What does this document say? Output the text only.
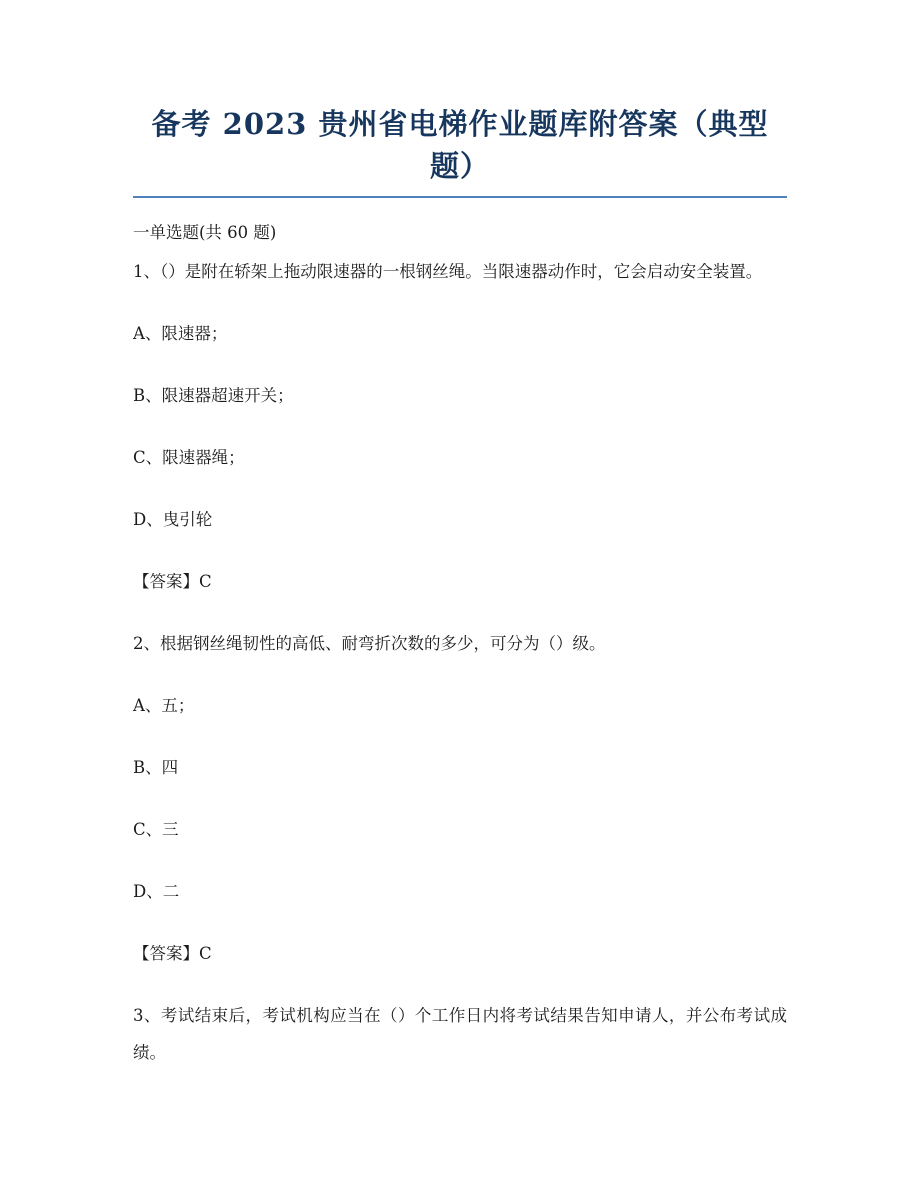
备考 2023 贵州省电梯作业题库附答案（典型题）

一单选题(共 60 题)

1、（）是附在轿架上拖动限速器的一根钢丝绳。当限速器动作时，它会启动安全装置。

A、限速器；

B、限速器超速开关；

C、限速器绳；

D、曳引轮

【答案】C

2、根据钢丝绳韧性的高低、耐弯折次数的多少，可分为（）级。

A、五；

B、四

C、三

D、二

【答案】C

3、考试结束后，考试机构应当在（）个工作日内将考试结果告知申请人，并公布考试成绩。
